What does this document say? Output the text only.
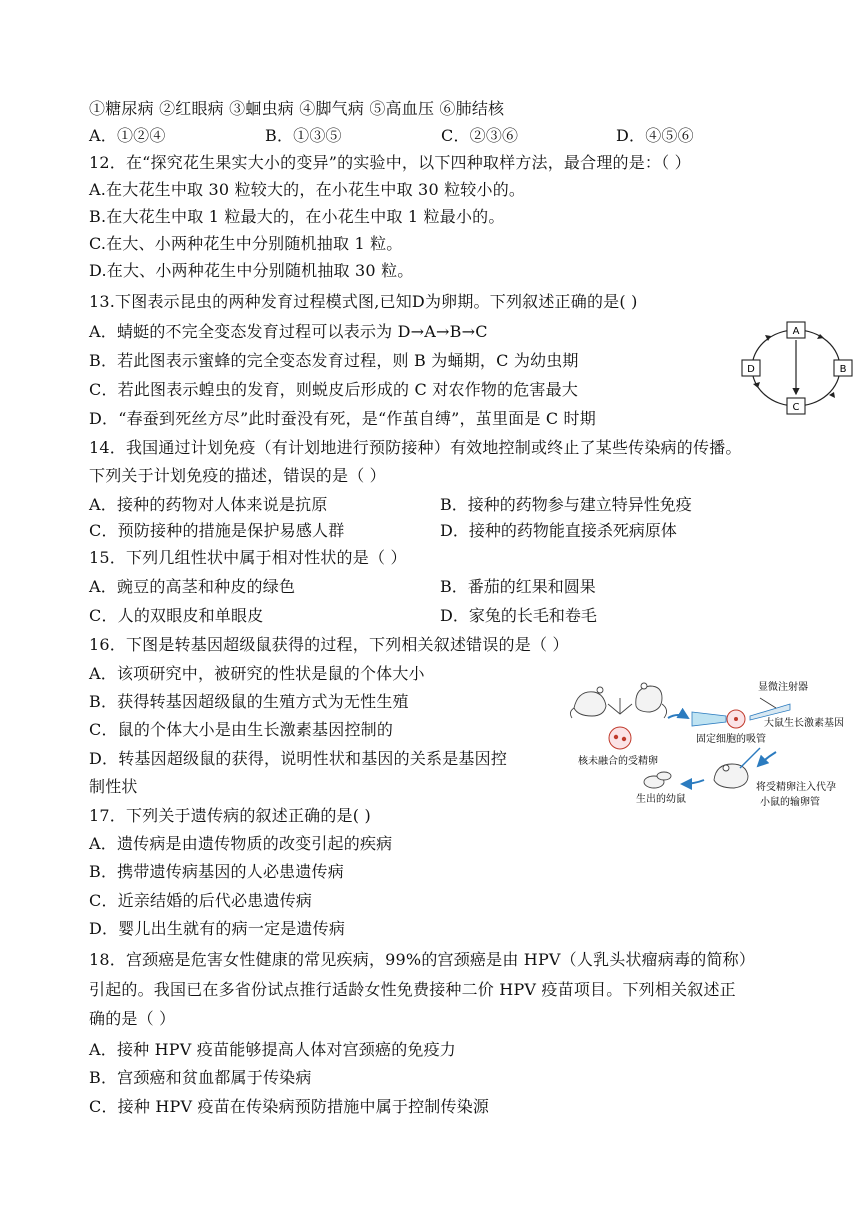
①糖尿病 ②红眼病 ③蛔虫病 ④脚气病 ⑤高血压 ⑥肺结核
A．①②④	B．①③⑤	C．②③⑥	D．④⑤⑥
12．在“探究花生果实大小的变异”的实验中，以下四种取样方法，最合理的是：（ ）
A.在大花生中取 30 粒较大的，在小花生中取 30 粒较小的。
B.在大花生中取 1 粒最大的，在小花生中取 1 粒最小的。
C.在大、小两种花生中分别随机抽取 1 粒。
D.在大、小两种花生中分别随机抽取 30 粒。
13.下图表示昆虫的两种发育过程模式图,已知D为卵期。下列叙述正确的是( )
A．蜻蜓的不完全变态发育过程可以表示为 D→A→B→C
B．若此图表示蜜蜂的完全变态发育过程，则 B 为蛹期，C 为幼虫期
C．若此图表示蝗虫的发育，则蜕皮后形成的 C 对农作物的危害最大
D．“春蚕到死丝方尽”此时蚕没有死，是“作茧自缚”，茧里面是 C 时期
A
B
C
D
14．我国通过计划免疫（有计划地进行预防接种）有效地控制或终止了某些传染病的传播。
下列关于计划免疫的描述，错误的是（ ）
A．接种的药物对人体来说是抗原	B．接种的药物参与建立特异性免疫
C．预防接种的措施是保护易感人群	D．接种的药物能直接杀死病原体
15．下列几组性状中属于相对性状的是（ ）
A．豌豆的高茎和种皮的绿色	B．番茄的红果和圆果
C．人的双眼皮和单眼皮	D．家兔的长毛和卷毛
16．下图是转基因超级鼠获得的过程，下列相关叙述错误的是（ ）
A．该项研究中，被研究的性状是鼠的个体大小
B．获得转基因超级鼠的生殖方式为无性生殖
C．鼠的个体大小是由生长激素基因控制的
D．转基因超级鼠的获得，说明性状和基因的关系是基因控
制性状
核未融合的受精卵
显微注射器
大鼠生长激素基因
固定细胞的吸管
将受精卵注入代孕
小鼠的输卵管
生出的幼鼠
17．下列关于遗传病的叙述正确的是( )
A．遗传病是由遗传物质的改变引起的疾病
B．携带遗传病基因的人必患遗传病
C．近亲结婚的后代必患遗传病
D．婴儿出生就有的病一定是遗传病
18．宫颈癌是危害女性健康的常见疾病，99%的宫颈癌是由 HPV（人乳头状瘤病毒的简称）
引起的。我国已在多省份试点推行适龄女性免费接种二价 HPV 疫苗项目。下列相关叙述正
确的是（ ）
A．接种 HPV 疫苗能够提高人体对宫颈癌的免疫力
B．宫颈癌和贫血都属于传染病
C．接种 HPV 疫苗在传染病预防措施中属于控制传染源
